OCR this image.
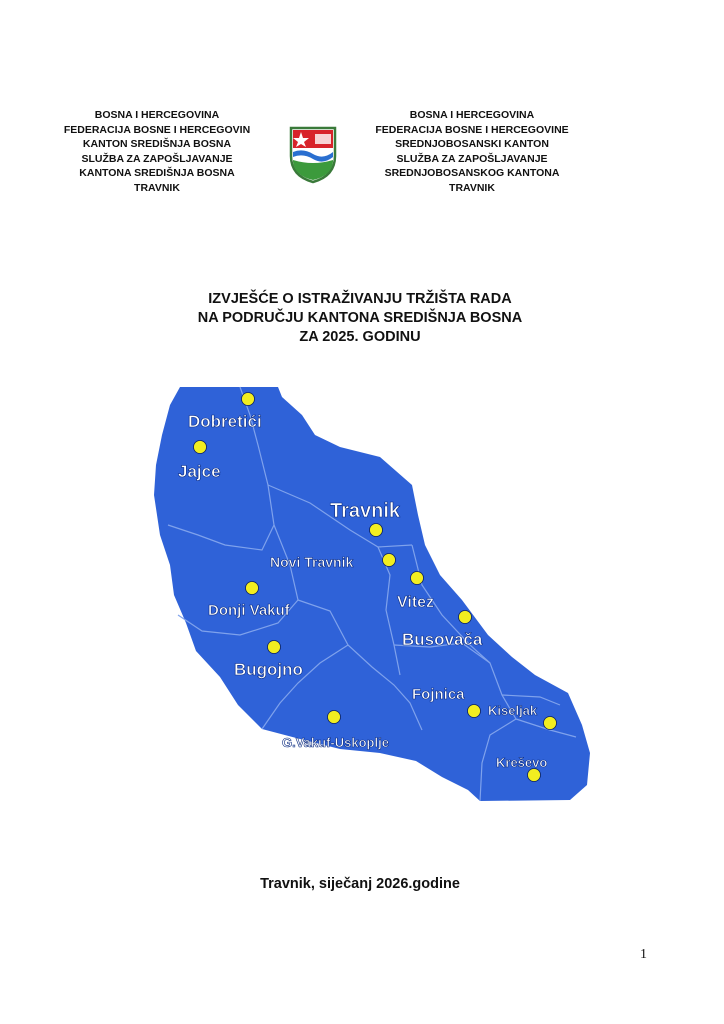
BOSNA I HERCEGOVINA
FEDERACIJA BOSNE I HERCEGOVIN
KANTON SREDIŠNJA BOSNA
SLUŽBA ZA ZAPOŠLJAVANJE
KANTONA SREDIŠNJA BOSNA
TRAVNIK
BOSNA I HERCEGOVINA
FEDERACIJA BOSNE I HERCEGOVINE
SREDNJOBOSANSKI KANTON
SLUŽBA ZA ZAPOŠLJAVANJE
SREDNJOBOSANSKOG KANTONA
TRAVNIK
IZVJEŠĆE O ISTRAŽIVANJU TRŽIŠTA RADA
NA PODRUČJU KANTONA SREDIŠNJA BOSNA
ZA 2025. GODINU
Dobretići
Jajce
Travnik
Novi Travnik
Vitez
Donji Vakuf
Busovača
Bugojno
Fojnica
Kiseljak
G.Vakuf-Uskoplje
Kreševo
Travnik, siječanj 2026.godine
1
